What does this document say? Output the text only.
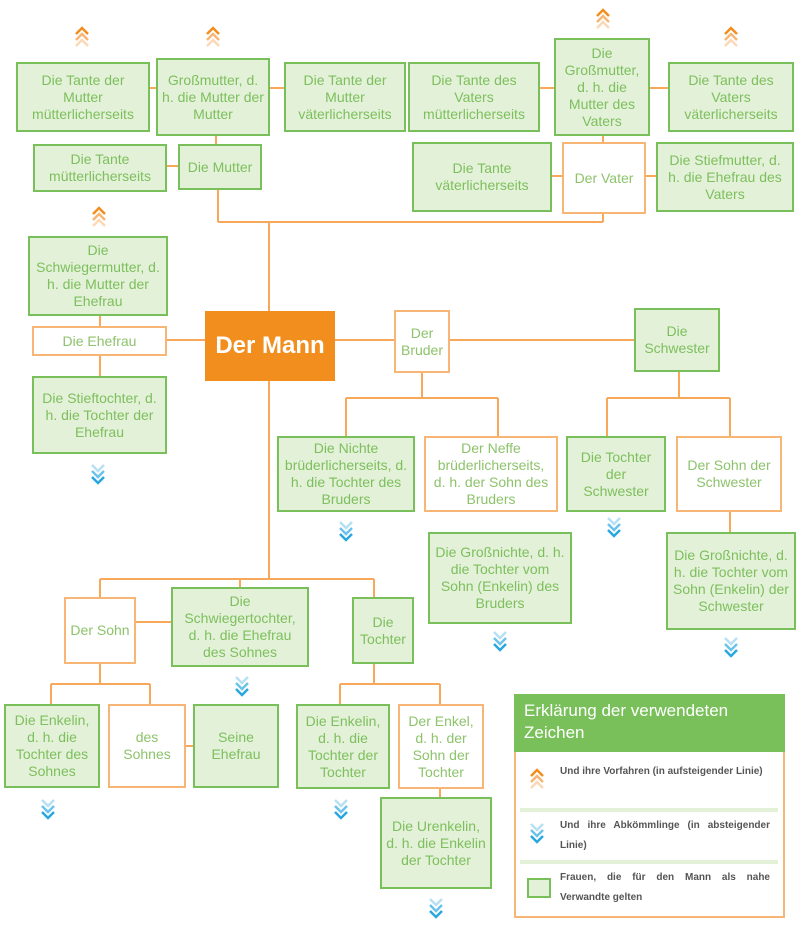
Die Tante der Mutter mütterlicherseits
Großmutter, d. h. die Mutter der Mutter
Die Tante der Mutter väterlicherseits
Die Tante des Vaters mütterlicherseits
Die Großmutter, d. h. die Mutter des Vaters
Die Tante des Vaters väterlicherseits
Die Tante mütterlicherseits
Die Mutter	Die Tante väterlicherseits	Der Vater
Die Stiefmutter, d. h. die Ehefrau des Vaters
Die Schwiegermutter, d. h. die Mutter der Ehefrau
Die Ehefrau
Die Stieftochter, d. h. die Tochter der Ehefrau
Der Mann	Der Bruder
Die Schwester
Die Nichte brüderlicherseits, d. h. die Tochter des Bruders
Der Neffe brüderlicherseits, d. h. der Sohn des Bruders
Die Tochter der Schwester
Der Sohn der Schwester
Die Großnichte, d. h. die Tochter vom Sohn (Enkelin) des Bruders
Die Großnichte, d. h. die Tochter vom Sohn (Enkelin) der Schwester
Der Sohn
Die Schwiegertochter, d. h. die Ehefrau des Sohnes
Die Tochter
Die Enkelin, d. h. die Tochter des Sohnes
des Sohnes
Seine Ehefrau
Die Enkelin, d. h. die Tochter der Tochter
Der Enkel, d. h. der Sohn der Tochter
Die Urenkelin, d. h. die Enkelin der Tochter
Erklärung der verwendeten Zeichen
Und ihre Vorfahren (in aufsteigender Linie)
Und ihre Abkömmlinge (in absteigender Linie)
Frauen, die für den Mann als nahe Verwandte gelten
